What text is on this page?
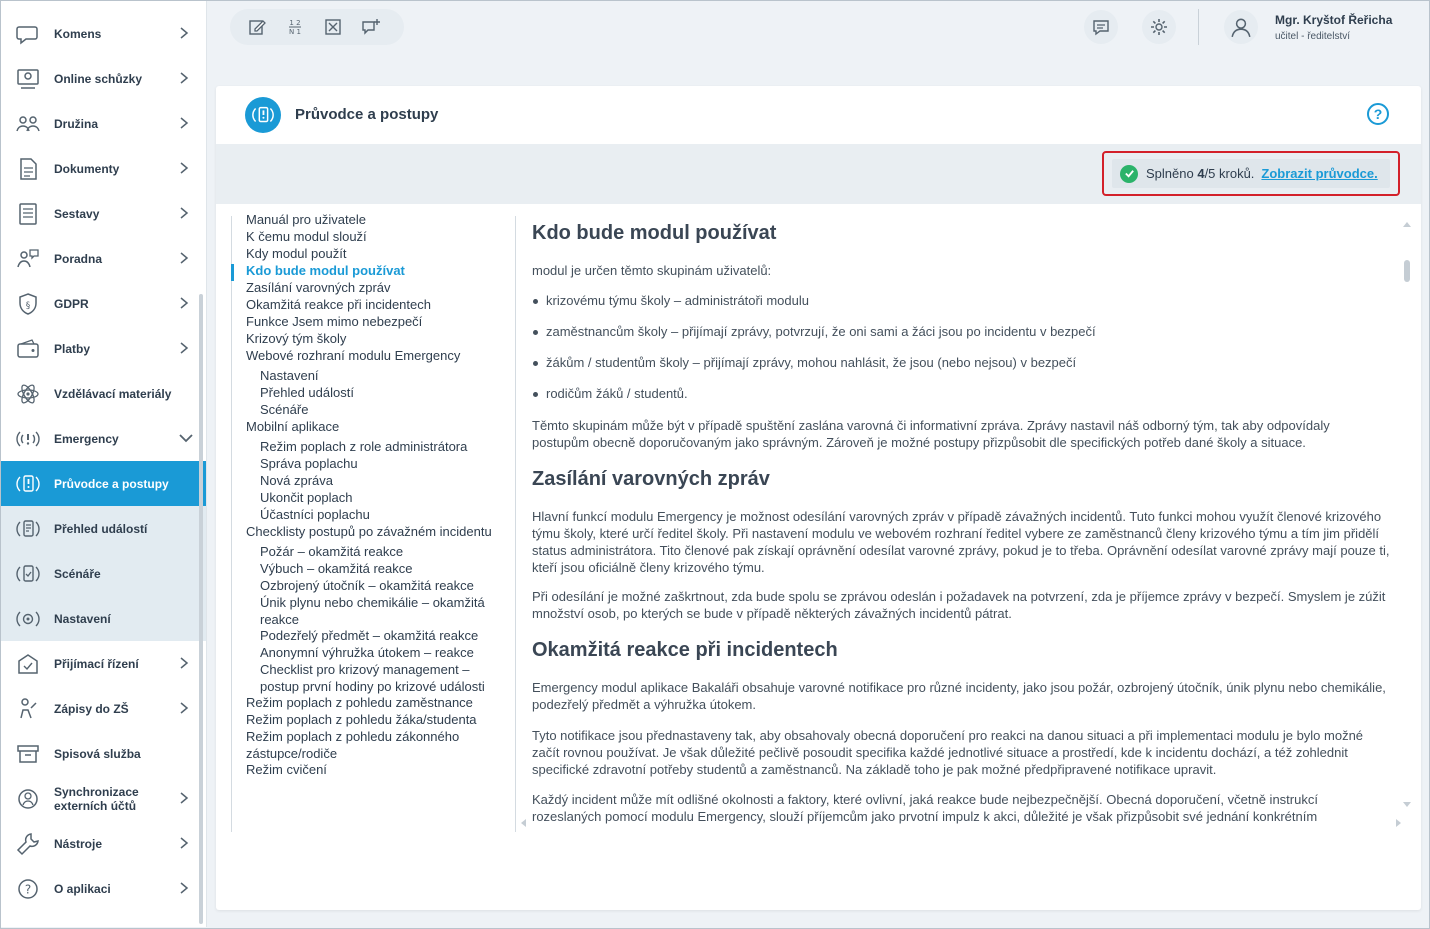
Komens
Online schůzky
Družina
Dokumenty
Sestavy
Poradna
§ GDPR
Platby
Vzdělávací materiály
Emergency
Průvodce a postupy
Přehled událostí
Scénáře
Nastavení
Přijímací řízení
Zápisy do ZŠ
Spisová služba
Synchronizace externích účtů
Nástroje
? O aplikaci
1 2
N 1
Mgr. Kryštof Řeřicha
učitel - ředitelství
Průvodce a postupy	?
Splněno 4/5 kroků. Zobrazit průvodce.
Manuál pro uživatele
K čemu modul slouží
Kdy modul použít
Kdo bude modul používat
Zasílání varovných zpráv
Okamžitá reakce při incidentech
Funkce Jsem mimo nebezpečí
Krizový tým školy
Webové rozhraní modulu Emergency
Nastavení
Přehled událostí
Scénáře
Mobilní aplikace
Režim poplach z role administrátora
Správa poplachu
Nová zpráva
Ukončit poplach
Účastníci poplachu
Checklisty postupů po závažném incidentu
Požár – okamžitá reakce
Výbuch – okamžitá reakce
Ozbrojený útočník – okamžitá reakce
Únik plynu nebo chemikálie – okamžitá reakce
Podezřelý předmět – okamžitá reakce
Anonymní výhružka útokem – reakce
Checklist pro krizový management – postup první hodiny po krizové události
Režim poplach z pohledu zaměstnance
Režim poplach z pohledu žáka/studenta
Režim poplach z pohledu zákonného zástupce/rodiče
Režim cvičení
Kdo bude modul používat

modul je určen těmto skupinám uživatelů:

krizovému týmu školy – administrátoři modulu
zaměstnancům školy – přijímají zprávy, potvrzují, že oni sami a žáci jsou po incidentu v bezpečí
žákům / studentům školy – přijímají zprávy, mohou nahlásit, že jsou (nebo nejsou) v bezpečí
rodičům žáků / studentů.

Těmto skupinám může být v případě spuštění zaslána varovná či informativní zpráva. Zprávy nastavil náš odborný tým, tak aby odpovídaly postupům obecně doporučovaným jako správným. Zároveň je možné postupy přizpůsobit dle specifických potřeb dané školy a situace.

Zasílání varovných zpráv

Hlavní funkcí modulu Emergency je možnost odesílání varovných zpráv v případě závažných incidentů. Tuto funkci mohou využít členové krizového týmu školy, které určí ředitel školy. Při nastavení modulu ve webovém rozhraní ředitel vybere ze zaměstnanců členy krizového týmu a tím jim přidělí status administrátora. Tito členové pak získají oprávnění odesílat varovné zprávy, pokud je to třeba. Oprávnění odesílat varovné zprávy mají pouze ti, kteří jsou oficiálně členy krizového týmu.

Při odesílání je možné zaškrtnout, zda bude spolu se zprávou odeslán i požadavek na potvrzení, zda je příjemce zprávy v bezpečí. Smyslem je zúžit množství osob, po kterých se bude v případě některých závažných incidentů pátrat.

Okamžitá reakce při incidentech

Emergency modul aplikace Bakaláři obsahuje varovné notifikace pro různé incidenty, jako jsou požár, ozbrojený útočník, únik plynu nebo chemikálie, podezřelý předmět a výhružka útokem.

Tyto notifikace jsou přednastaveny tak, aby obsahovaly obecná doporučení pro reakci na danou situaci a při implementaci modulu je bylo možné začít rovnou používat. Je však důležité pečlivě posoudit specifika každé jednotlivé situace a prostředí, kde k incidentu dochází, a též zohlednit specifické zdravotní potřeby studentů a zaměstnanců. Na základě toho je pak možné předpřipravené notifikace upravit.

Každý incident může mít odlišné okolnosti a faktory, které ovlivní, jaká reakce bude nejbezpečnější. Obecná doporučení, včetně instrukcí rozeslaných pomocí modulu Emergency, slouží příjemcům jako prvotní impulz k akci, důležité je však přizpůsobit své jednání konkrétním
